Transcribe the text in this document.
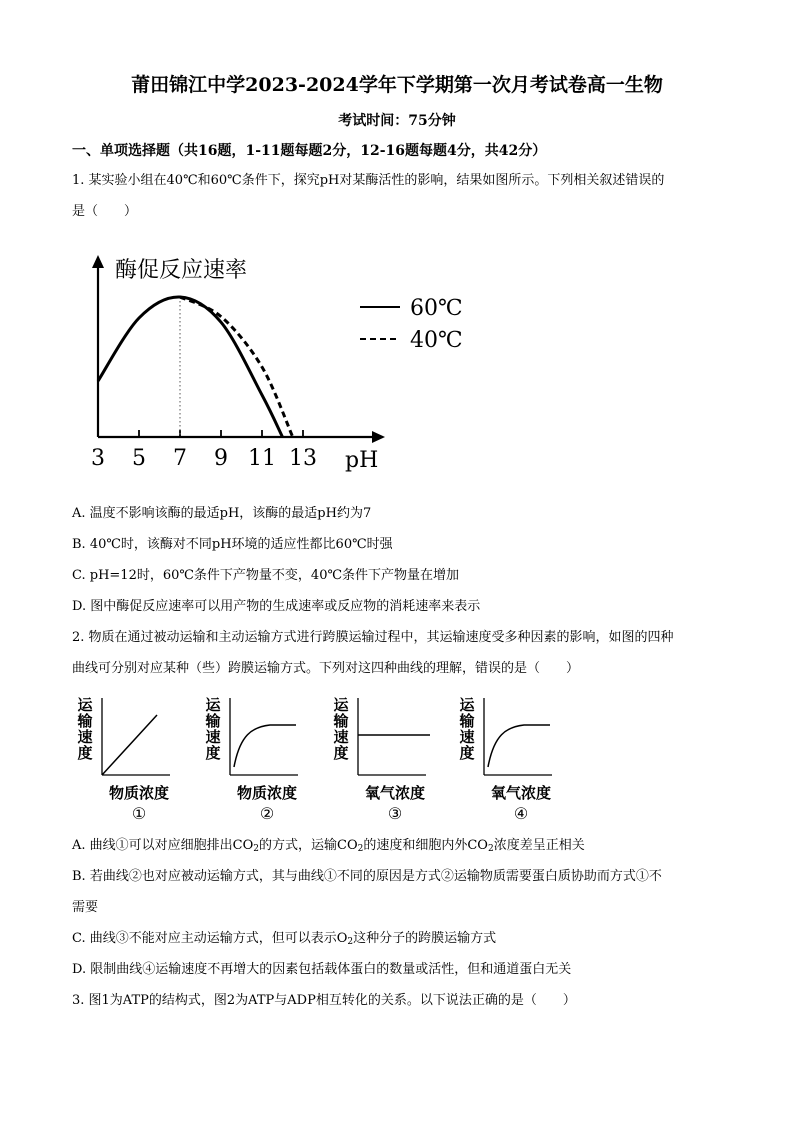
莆田锦江中学2023-2024学年下学期第一次月考试卷高一生物
考试时间：75分钟
一、单项选择题（共16题，1-11题每题2分，12-16题每题4分，共42分）
1. 某实验小组在40℃和60℃条件下，探究pH对某酶活性的影响，结果如图所示。下列相关叙述错误的
是（　　）
酶促反应速率
3 5 7 9 11 13 pH
60℃
40℃
A. 温度不影响该酶的最适pH，该酶的最适pH约为7
B. 40℃时，该酶对不同pH环境的适应性都比60℃时强
C. pH=12时，60℃条件下产物量不变，40℃条件下产物量在增加
D. 图中酶促反应速率可以用产物的生成速率或反应物的消耗速率来表示
2. 物质在通过被动运输和主动运输方式进行跨膜运输过程中，其运输速度受多种因素的影响，如图的四种
曲线可分别对应某种（些）跨膜运输方式。下列对这四种曲线的理解，错误的是（　　）
运
输
速
度
物质浓度
①
运
输
速
度
物质浓度
②
运
输
速
度
氧气浓度
③
运
输
速
度
氧气浓度
④
A. 曲线①可以对应细胞排出$CO_2$的方式，运输$CO_2$的速度和细胞内外$CO_2$浓度差呈正相关
B. 若曲线②也对应被动运输方式，其与曲线①不同的原因是方式②运输物质需要蛋白质协助而方式①不
需要
C. 曲线③不能对应主动运输方式，但可以表示$O_2$这种分子的跨膜运输方式
D. 限制曲线④运输速度不再增大的因素包括载体蛋白的数量或活性，但和通道蛋白无关
3. 图1为ATP的结构式，图2为ATP与ADP相互转化的关系。以下说法正确的是（　　）
